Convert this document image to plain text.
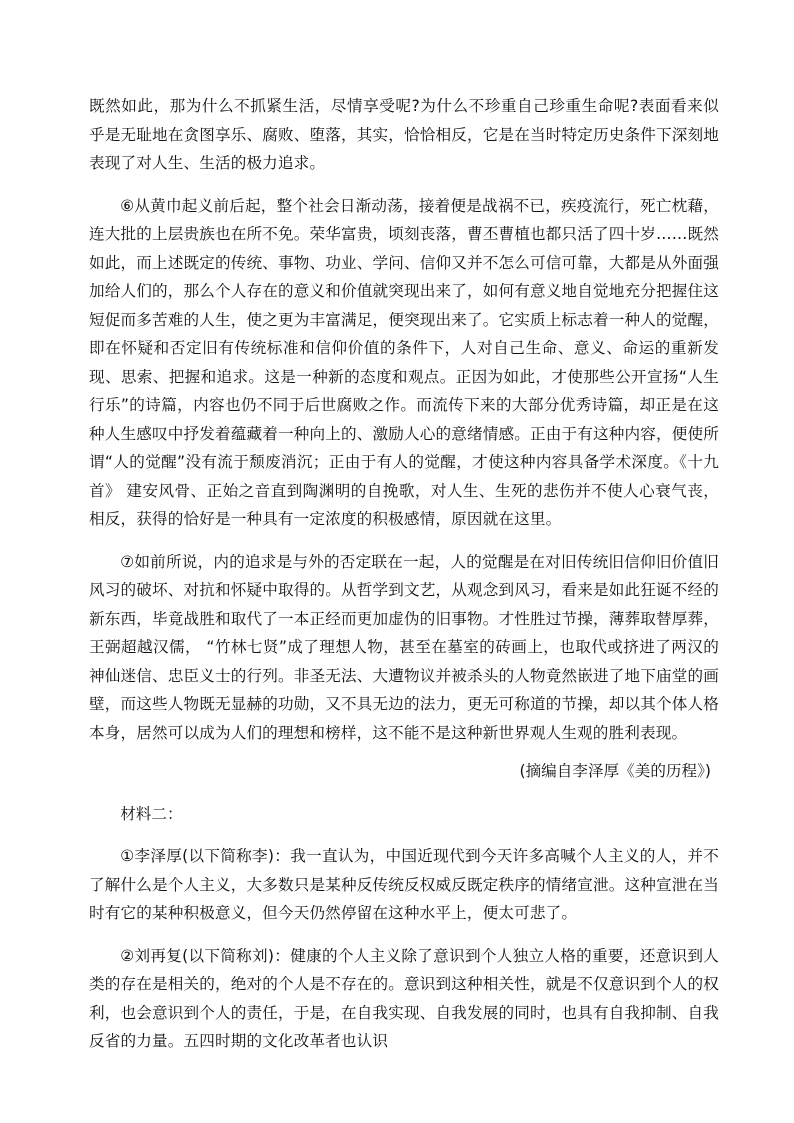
既然如此，那为什么不抓紧生活，尽情享受呢?为什么不珍重自己珍重生命呢?表面看来似乎是无耻地在贪图享乐、腐败、堕落，其实，恰恰相反，它是在当时特定历史条件下深刻地表现了对人生、生活的极力追求。

⑥从黄巾起义前后起，整个社会日渐动荡，接着便是战祸不已，疾疫流行，死亡枕藉，连大批的上层贵族也在所不免。荣华富贵，顷刻丧落，曹丕曹植也都只活了四十岁……既然如此，而上述既定的传统、事物、功业、学问、信仰又并不怎么可信可靠，大都是从外面强加给人们的，那么个人存在的意义和价值就突现出来了，如何有意义地自觉地充分把握住这短促而多苦难的人生，使之更为丰富满足，便突现出来了。它实质上标志着一种人的觉醒，即在怀疑和否定旧有传统标准和信仰价值的条件下，人对自己生命、意义、命运的重新发现、思索、把握和追求。这是一种新的态度和观点。正因为如此，才使那些公开宣扬“人生行乐”的诗篇，内容也仍不同于后世腐败之作。而流传下来的大部分优秀诗篇，却正是在这种人生感叹中抒发着蕴藏着一种向上的、激励人心的意绪情感。正由于有这种内容，便使所谓“人的觉醒”没有流于颓废消沉；正由于有人的觉醒，才使这种内容具备学术深度。《十九首》 建安风骨、正始之音直到陶渊明的自挽歌，对人生、生死的悲伤并不使人心衰气丧，相反，获得的恰好是一种具有一定浓度的积极感情，原因就在这里。

⑦如前所说，内的追求是与外的否定联在一起，人的觉醒是在对旧传统旧信仰旧价值旧风习的破坏、对抗和怀疑中取得的。从哲学到文艺，从观念到风习，看来是如此狂诞不经的新东西，毕竟战胜和取代了一本正经而更加虚伪的旧事物。才性胜过节操，薄葬取替厚葬，王弼超越汉儒， “竹林七贤”成了理想人物，甚至在墓室的砖画上，也取代或挤进了两汉的神仙迷信、忠臣义士的行列。非圣无法、大遭物议并被杀头的人物竟然嵌进了地下庙堂的画壁，而这些人物既无显赫的功勋，又不具无边的法力，更无可称道的节操，却以其个体人格本身，居然可以成为人们的理想和榜样，这不能不是这种新世界观人生观的胜利表现。

(摘编自李泽厚《美的历程》)

材料二：

①李泽厚(以下简称李)：我一直认为，中国近现代到今天许多高喊个人主义的人，并不了解什么是个人主义，大多数只是某种反传统反权威反既定秩序的情绪宣泄。这种宣泄在当时有它的某种积极意义，但今天仍然停留在这种水平上，便太可悲了。

②刘再复(以下简称刘)：健康的个人主义除了意识到个人独立人格的重要，还意识到人类的存在是相关的，绝对的个人是不存在的。意识到这种相关性，就是不仅意识到个人的权利，也会意识到个人的责任，于是，在自我实现、自我发展的同时，也具有自我抑制、自我反省的力量。五四时期的文化改革者也认识
